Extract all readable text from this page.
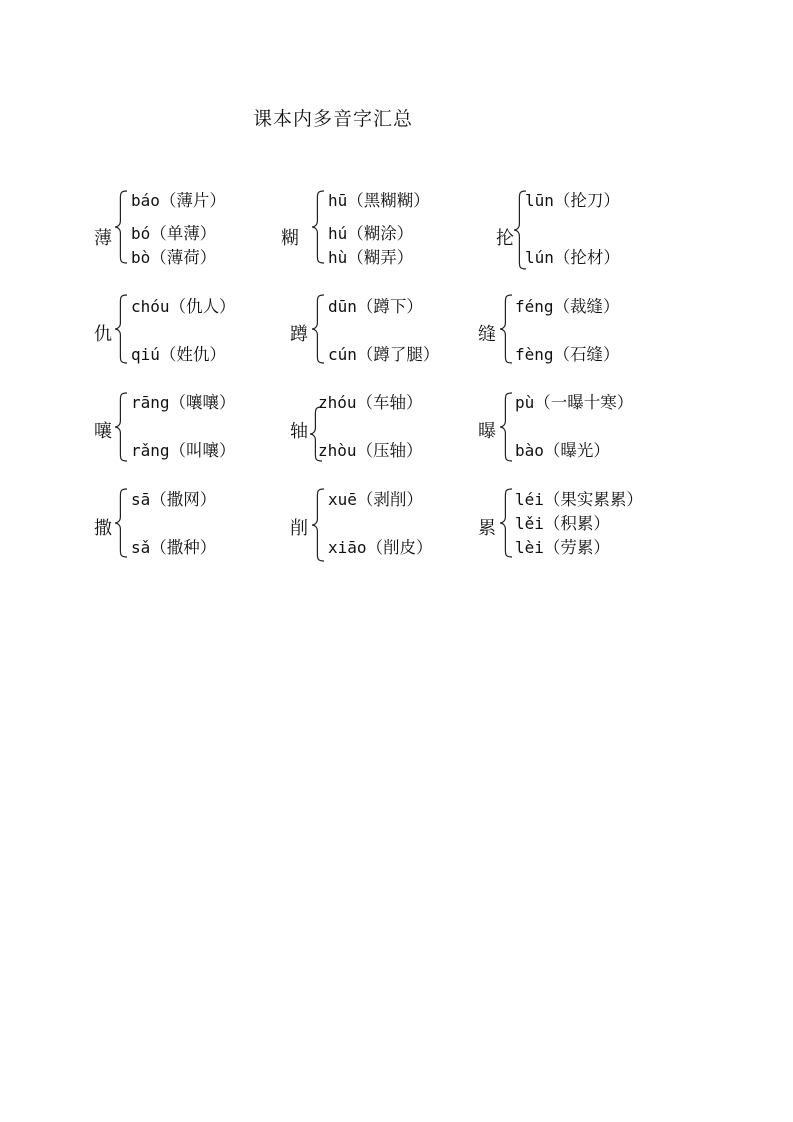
课本内多音字汇总
薄
báo（薄片）
bó（单薄）
bò（薄荷）
糊
hū（黑糊糊）
hú（糊涂）
hù（糊弄）
抡
lūn（抡刀）
lún（抡材）
仇
chóu（仇人）
qiú（姓仇）
蹲
dūn（蹲下）
cún（蹲了腿）
缝
féng（裁缝）
fèng（石缝）
嚷
rāng（嚷嚷）
rǎng（叫嚷）
轴
zhóu（车轴）
zhòu（压轴）
曝
pù（一曝十寒）
bào（曝光）
撒
sā（撒网）
sǎ（撒种）
削
xuē（剥削）
xiāo（削皮）
累
léi（果实累累）
lěi（积累）
lèi（劳累）
